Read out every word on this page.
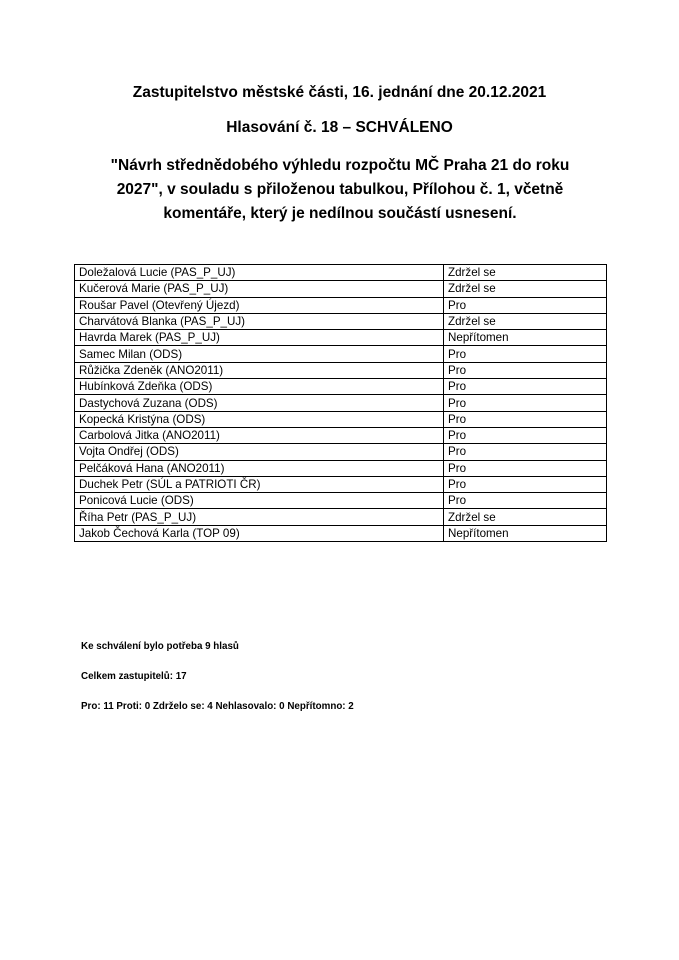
Zastupitelstvo městské části, 16. jednání dne 20.12.2021
Hlasování č. 18 – SCHVÁLENO
"Návrh střednědobého výhledu rozpočtu MČ Praha 21 do roku 2027", v souladu s přiloženou tabulkou, Přílohou č. 1, včetně komentáře, který je nedílnou součástí usnesení.
Doležalová Lucie (PAS_P_UJ)	Zdržel se
Kučerová Marie (PAS_P_UJ)	Zdržel se
Roušar Pavel (Otevřený Újezd)	Pro
Charvátová Blanka (PAS_P_UJ)	Zdržel se
Havrda Marek (PAS_P_UJ)	Nepřítomen
Samec Milan (ODS)	Pro
Růžička Zdeněk (ANO2011)	Pro
Hubínková Zdeňka (ODS)	Pro
Dastychová Zuzana (ODS)	Pro
Kopecká Kristýna (ODS)	Pro
Carbolová Jitka (ANO2011)	Pro
Vojta Ondřej (ODS)	Pro
Pelčáková Hana (ANO2011)	Pro
Duchek Petr (SÚL a PATRIOTI ČR)	Pro
Ponicová Lucie (ODS)	Pro
Říha Petr (PAS_P_UJ)	Zdržel se
Jakob Čechová Karla (TOP 09)	Nepřítomen
Ke schválení bylo potřeba 9 hlasů
Celkem zastupitelů: 17
Pro: 11 Proti: 0 Zdrželo se: 4 Nehlasovalo: 0 Nepřítomno: 2
